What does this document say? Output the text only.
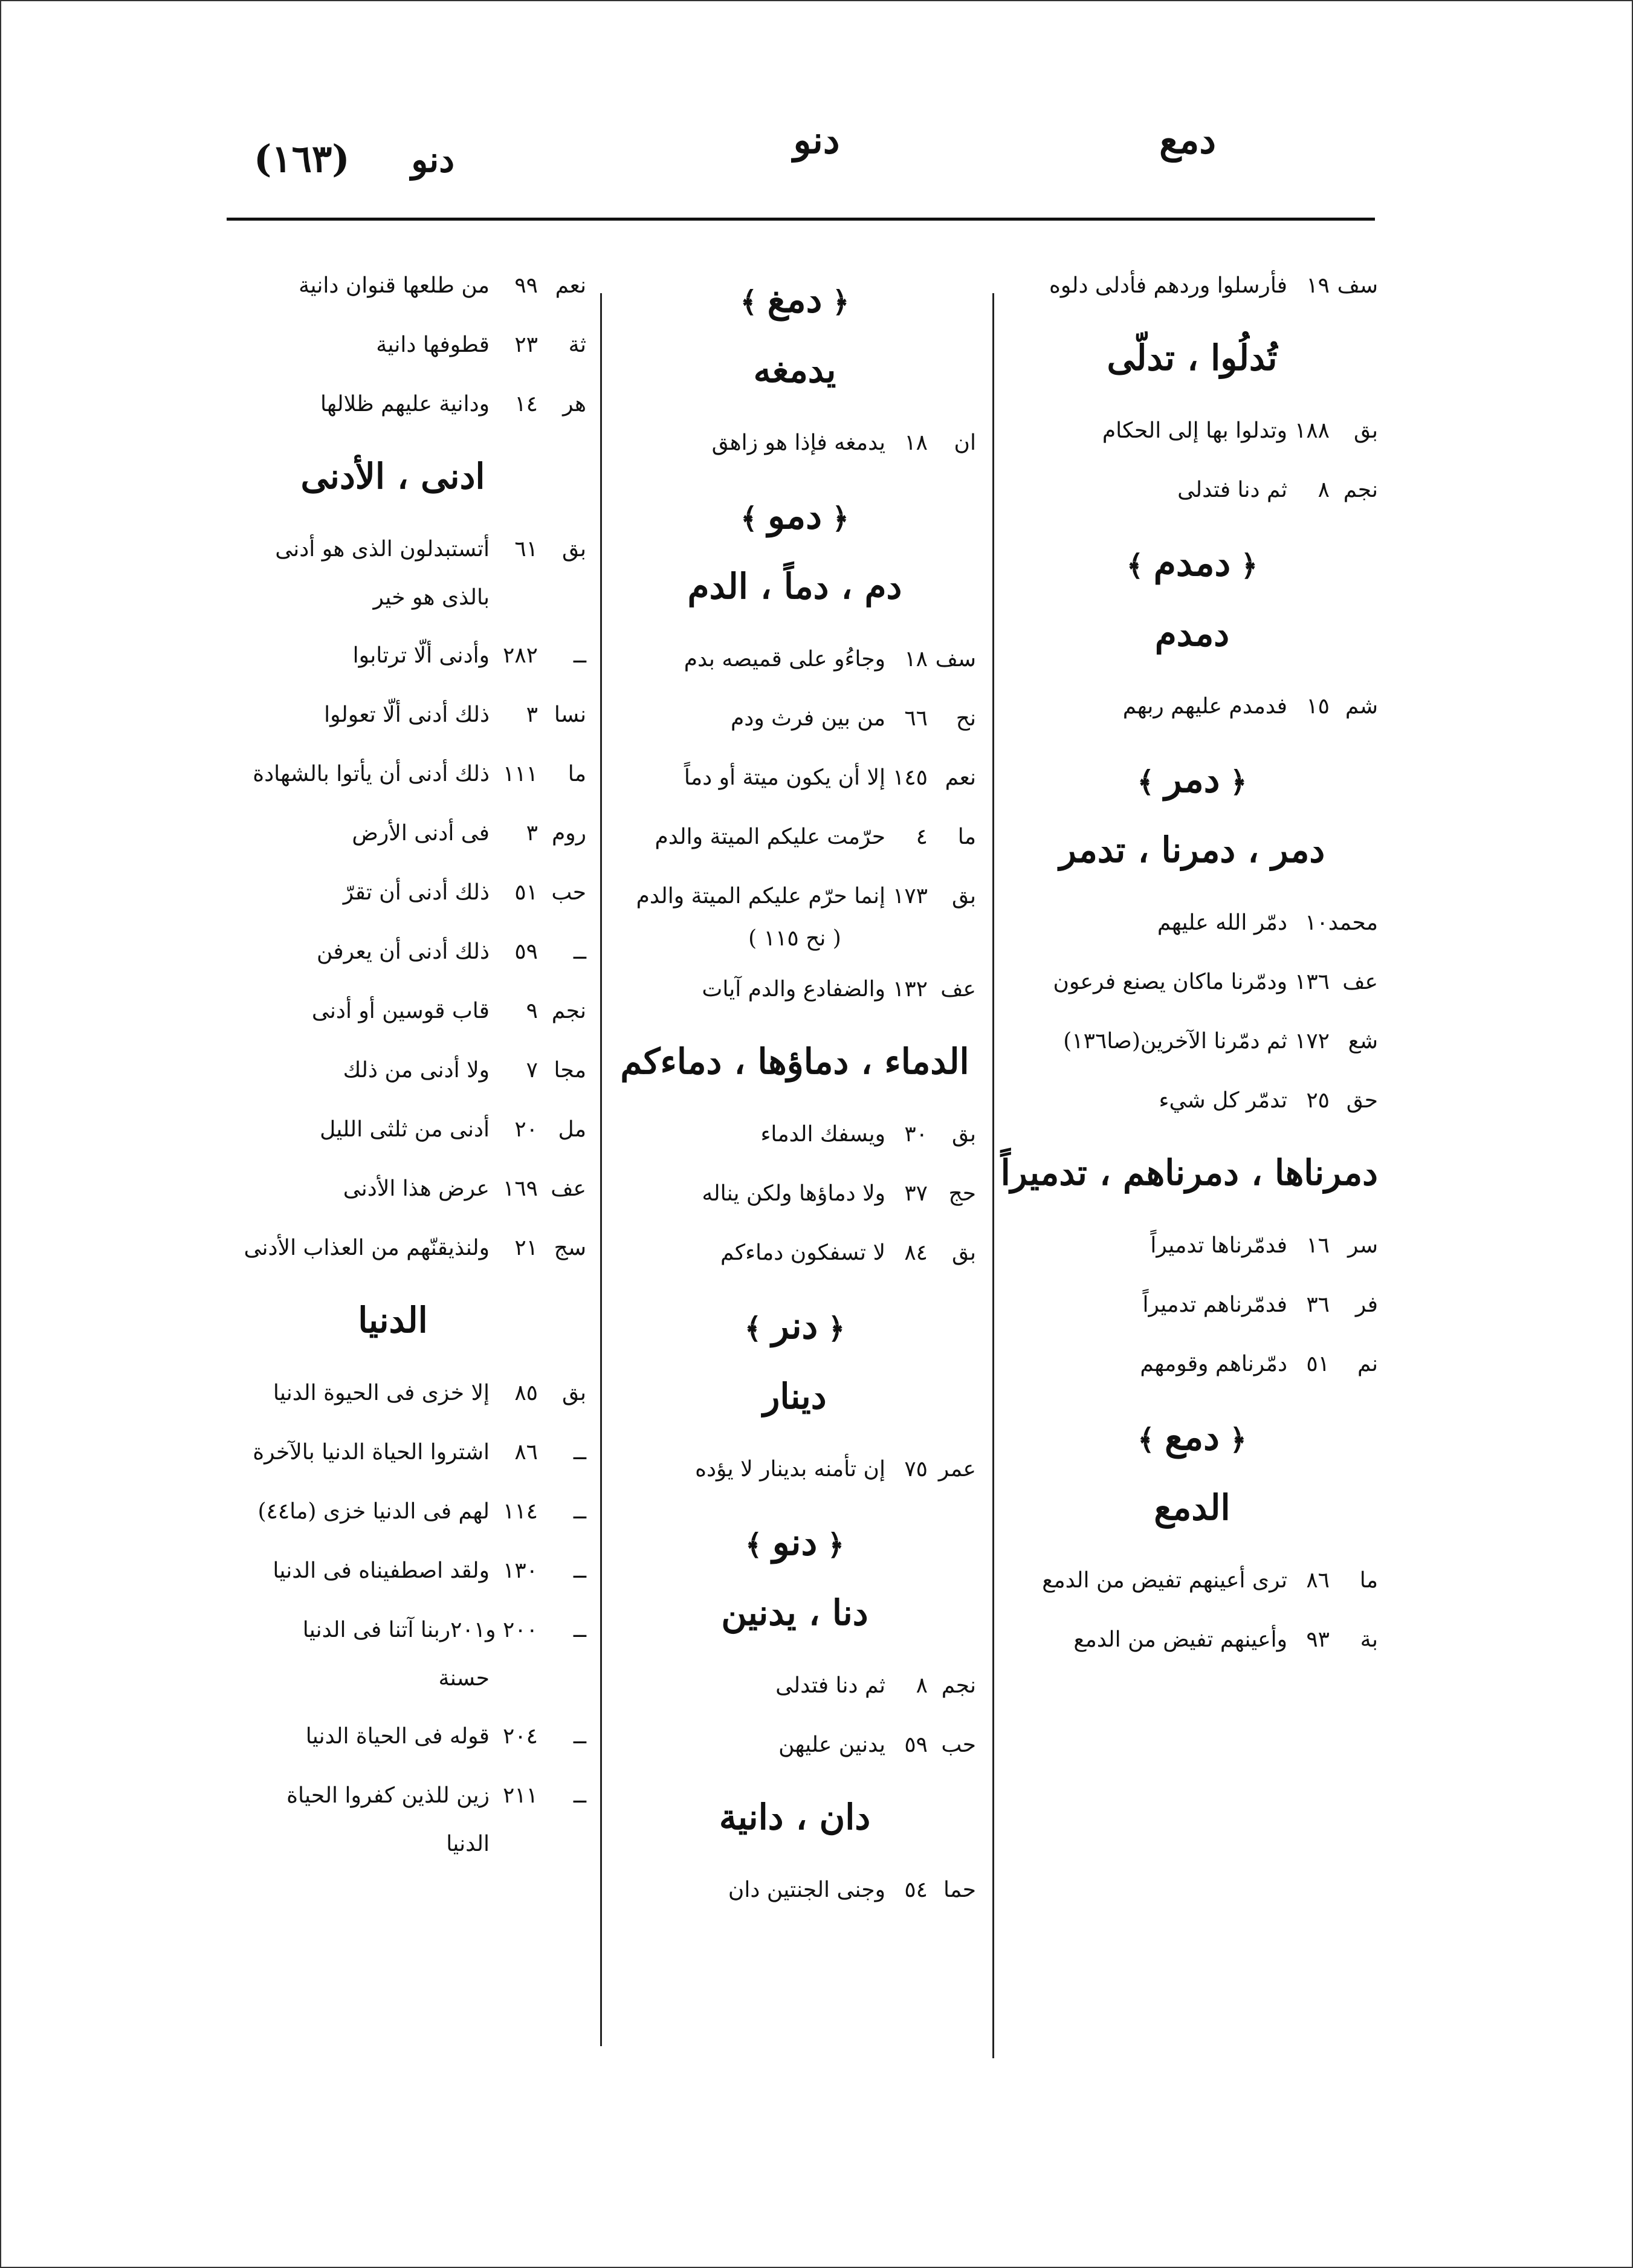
دمع
دنو
(١٦٣) دنو
سف١٩
فأرسلوا وردهم فأدلى دلوه
تُدلُوا ، تدلّى
بق١٨٨
وتدلوا بها إلى الحكام
نجم٨
ثم دنا فتدلى
﴿ دمدم ﴾
دمدم
شم١٥
فدمدم عليهم ربهم
﴿ دمر ﴾
دمر ، دمرنا ، تدمر
محمد١٠
دمّر الله عليهم
عف١٣٦
ودمّرنا ماكان يصنع فرعون
شع١٧٢
ثم دمّرنا الآخرين(صا١٣٦)
حق٢٥
تدمّر كل شيء
دمرناها ، دمرناهم ، تدميراً
سر١٦
فدمّرناها تدميراً
فر٣٦
فدمّرناهم تدميراً
نم٥١
دمّرناهم وقومهم
﴿ دمع ﴾
الدمع
ما٨٦
ترى أعينهم تفيض من الدمع
بة٩٣
وأعينهم تفيض من الدمع
﴿ دمغ ﴾
يدمغه
ان١٨
يدمغه فإذا هو زاهق
﴿ دمو ﴾
دم ، دماً ، الدم
سف١٨
وجاءُو على قميصه بدم
نح٦٦
من بين فرث ودم
نعم١٤٥
إلا أن يكون ميتة أو دماً
ما٤
حرّمت عليكم الميتة والدم
بق١٧٣
إنما حرّم عليكم الميتة والدم
( نح ١١٥ )
عف١٣٢
والضفادع والدم آيات
الدماء ، دماؤها ، دماءكم
بق٣٠
ويسفك الدماء
حج٣٧
ولا دماؤها ولكن يناله
بق٨٤
لا تسفكون دماءكم
﴿ دنر ﴾
دينار
عمر٧٥
إن تأمنه بدينار لا يؤده
﴿ دنو ﴾
دنا ، يدنين
نجم٨
ثم دنا فتدلى
حب٥٩
يدنين عليهن
دان ، دانية
حما٥٤
وجنى الجنتين دان
نعم٩٩
من طلعها قنوان دانية
ثة٢٣
قطوفها دانية
هر١٤
ودانية عليهم ظلالها
ادنى ، الأدنى
بق٦١
أتستبدلون الذى هو أدنى
بالذى هو خير
ــ٢٨٢
وأدنى ألّا ترتابوا
نسا٣
ذلك أدنى ألّا تعولوا
ما١١١
ذلك أدنى أن يأتوا بالشهادة
روم٣
فى أدنى الأرض
حب٥١
ذلك أدنى أن تقرّ
ــ٥٩
ذلك أدنى أن يعرفن
نجم٩
قاب قوسين أو أدنى
مجا٧
ولا أدنى من ذلك
مل٢٠
أدنى من ثلثى الليل
عف١٦٩
عرض هذا الأدنى
سج٢١
ولنذيقنّهم من العذاب الأدنى
الدنيا
بق٨٥
إلا خزى فى الحيوة الدنيا
ــ٨٦
اشتروا الحياة الدنيا بالآخرة
ــ١١٤
لهم فى الدنيا خزى (ما٤٤)
ــ١٣٠
ولقد اصطفيناه فى الدنيا
ــ٢٠٠ و٢٠١
ربنا آتنا فى الدنيا
حسنة
ــ٢٠٤
قوله فى الحياة الدنيا
ــ٢١١
زين للذين كفروا الحياة
الدنيا
